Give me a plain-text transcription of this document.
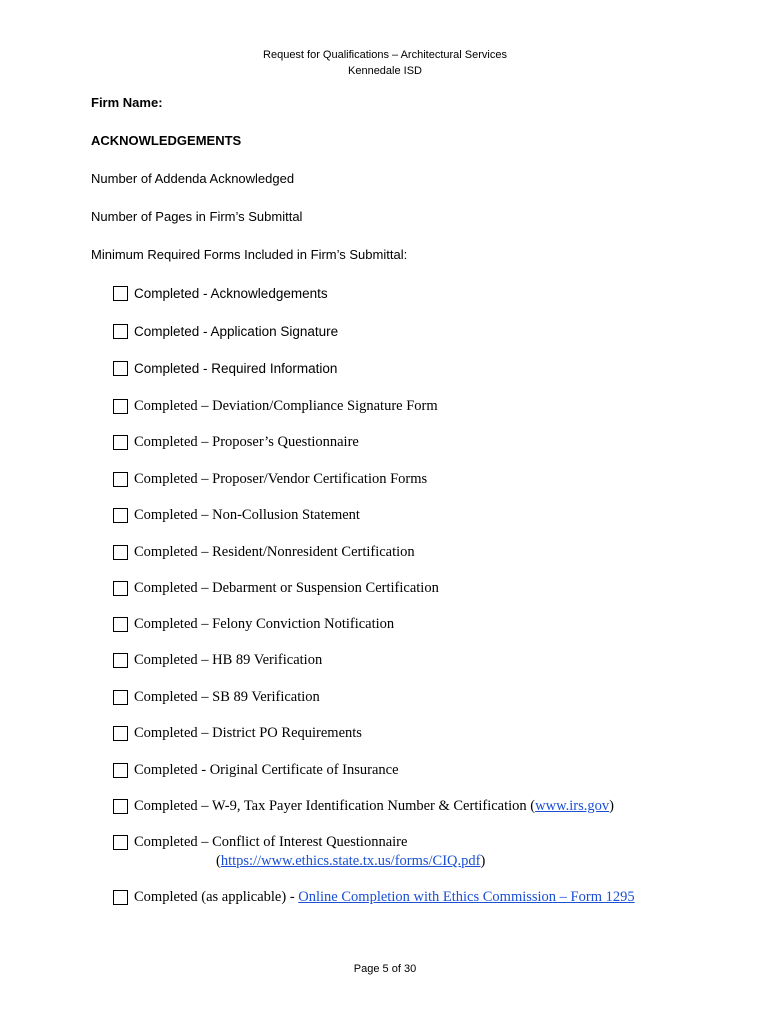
Request for Qualifications – Architectural Services
Kennedale ISD
Firm Name:
ACKNOWLEDGEMENTS
Number of Addenda Acknowledged
Number of Pages in Firm’s Submittal
Minimum Required Forms Included in Firm’s Submittal:
Completed - Acknowledgements
Completed - Application Signature
Completed - Required Information
Completed – Deviation/Compliance Signature Form
Completed – Proposer’s Questionnaire
Completed – Proposer/Vendor Certification Forms
Completed – Non-Collusion Statement
Completed – Resident/Nonresident Certification
Completed – Debarment or Suspension Certification
Completed – Felony Conviction Notification
Completed – HB 89 Verification
Completed – SB 89 Verification
Completed – District PO Requirements
Completed - Original Certificate of Insurance
Completed – W-9, Tax Payer Identification Number & Certification (www.irs.gov)
Completed – Conflict of Interest Questionnaire
(https://www.ethics.state.tx.us/forms/CIQ.pdf)
Completed (as applicable) - Online Completion with Ethics Commission – Form 1295
Page 5 of 30
